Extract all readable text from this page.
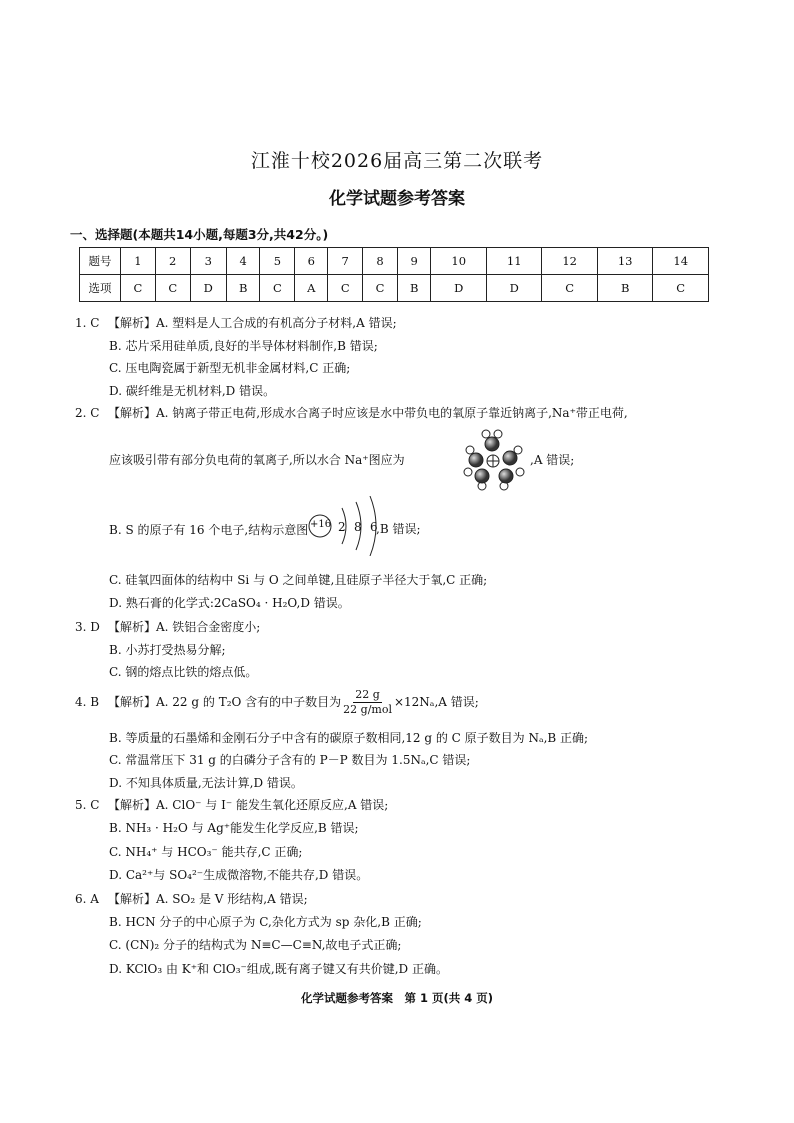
江淮十校2026届高三第二次联考
化学试题参考答案
一、选择题(本题共14小题,每题3分,共42分。)
题号	1	2	3	4	5	6	7	8	9	10	11	12	13	14
选项	C	C	D	B	C	A	C	C	B	D	D	C	B	C
1. C 【解析】A. 塑料是人工合成的有机高分子材料,A 错误;
B. 芯片采用硅单质,良好的半导体材料制作,B 错误;
C. 压电陶瓷属于新型无机非金属材料,C 正确;
D. 碳纤维是无机材料,D 错误。
2. C 【解析】A. 钠离子带正电荷,形成水合离子时应该是水中带负电的氧原子靠近钠离子,Na⁺带正电荷,
应该吸引带有部分负电荷的氧离子,所以水合 Na⁺图应为	,A 错误;
B. S 的原子有 16 个电子,结构示意图 +16 2 8 6
,B 错误;
C. 硅氧四面体的结构中 Si 与 O 之间单键,且硅原子半径大于氧,C 正确;
D. 熟石膏的化学式:2CaSO₄ · H₂O,D 错误。
3. D 【解析】A. 铁铝合金密度小;
B. 小苏打受热易分解;
C. 钢的熔点比铁的熔点低。
4. B 【解析】A. 22 g 的 T₂O 含有的中子数目为 $\frac{22 g}{\text{22 g/mol}} \times 12N_a,A$ 错误;
B. 等质量的石墨烯和金刚石分子中含有的碳原子数相同,12 g 的 C 原子数目为 Nₐ,B 正确;
C. 常温常压下 31 g 的白磷分子含有的 P－P 数目为 1.5Nₐ,C 错误;
D. 不知具体质量,无法计算,D 错误。
5. C 【解析】A. ClO⁻ 与 I⁻ 能发生氧化还原反应,A 错误;
B. NH₃ · H₂O 与 Ag⁺能发生化学反应,B 错误;
C. NH₄⁺ 与 HCO₃⁻ 能共存,C 正确;
D. Ca²⁺与 SO₄²⁻生成微溶物,不能共存,D 错误。
6. A 【解析】A. SO₂ 是 V 形结构,A 错误;
B. HCN 分子的中心原子为 C,杂化方式为 sp 杂化,B 正确;
C. (CN)₂ 分子的结构式为 N≡C—C≡N,故电子式正确;
D. KClO₃ 由 K⁺和 ClO₃⁻组成,既有离子键又有共价键,D 正确。
化学试题参考答案　第 1 页(共 4 页)
